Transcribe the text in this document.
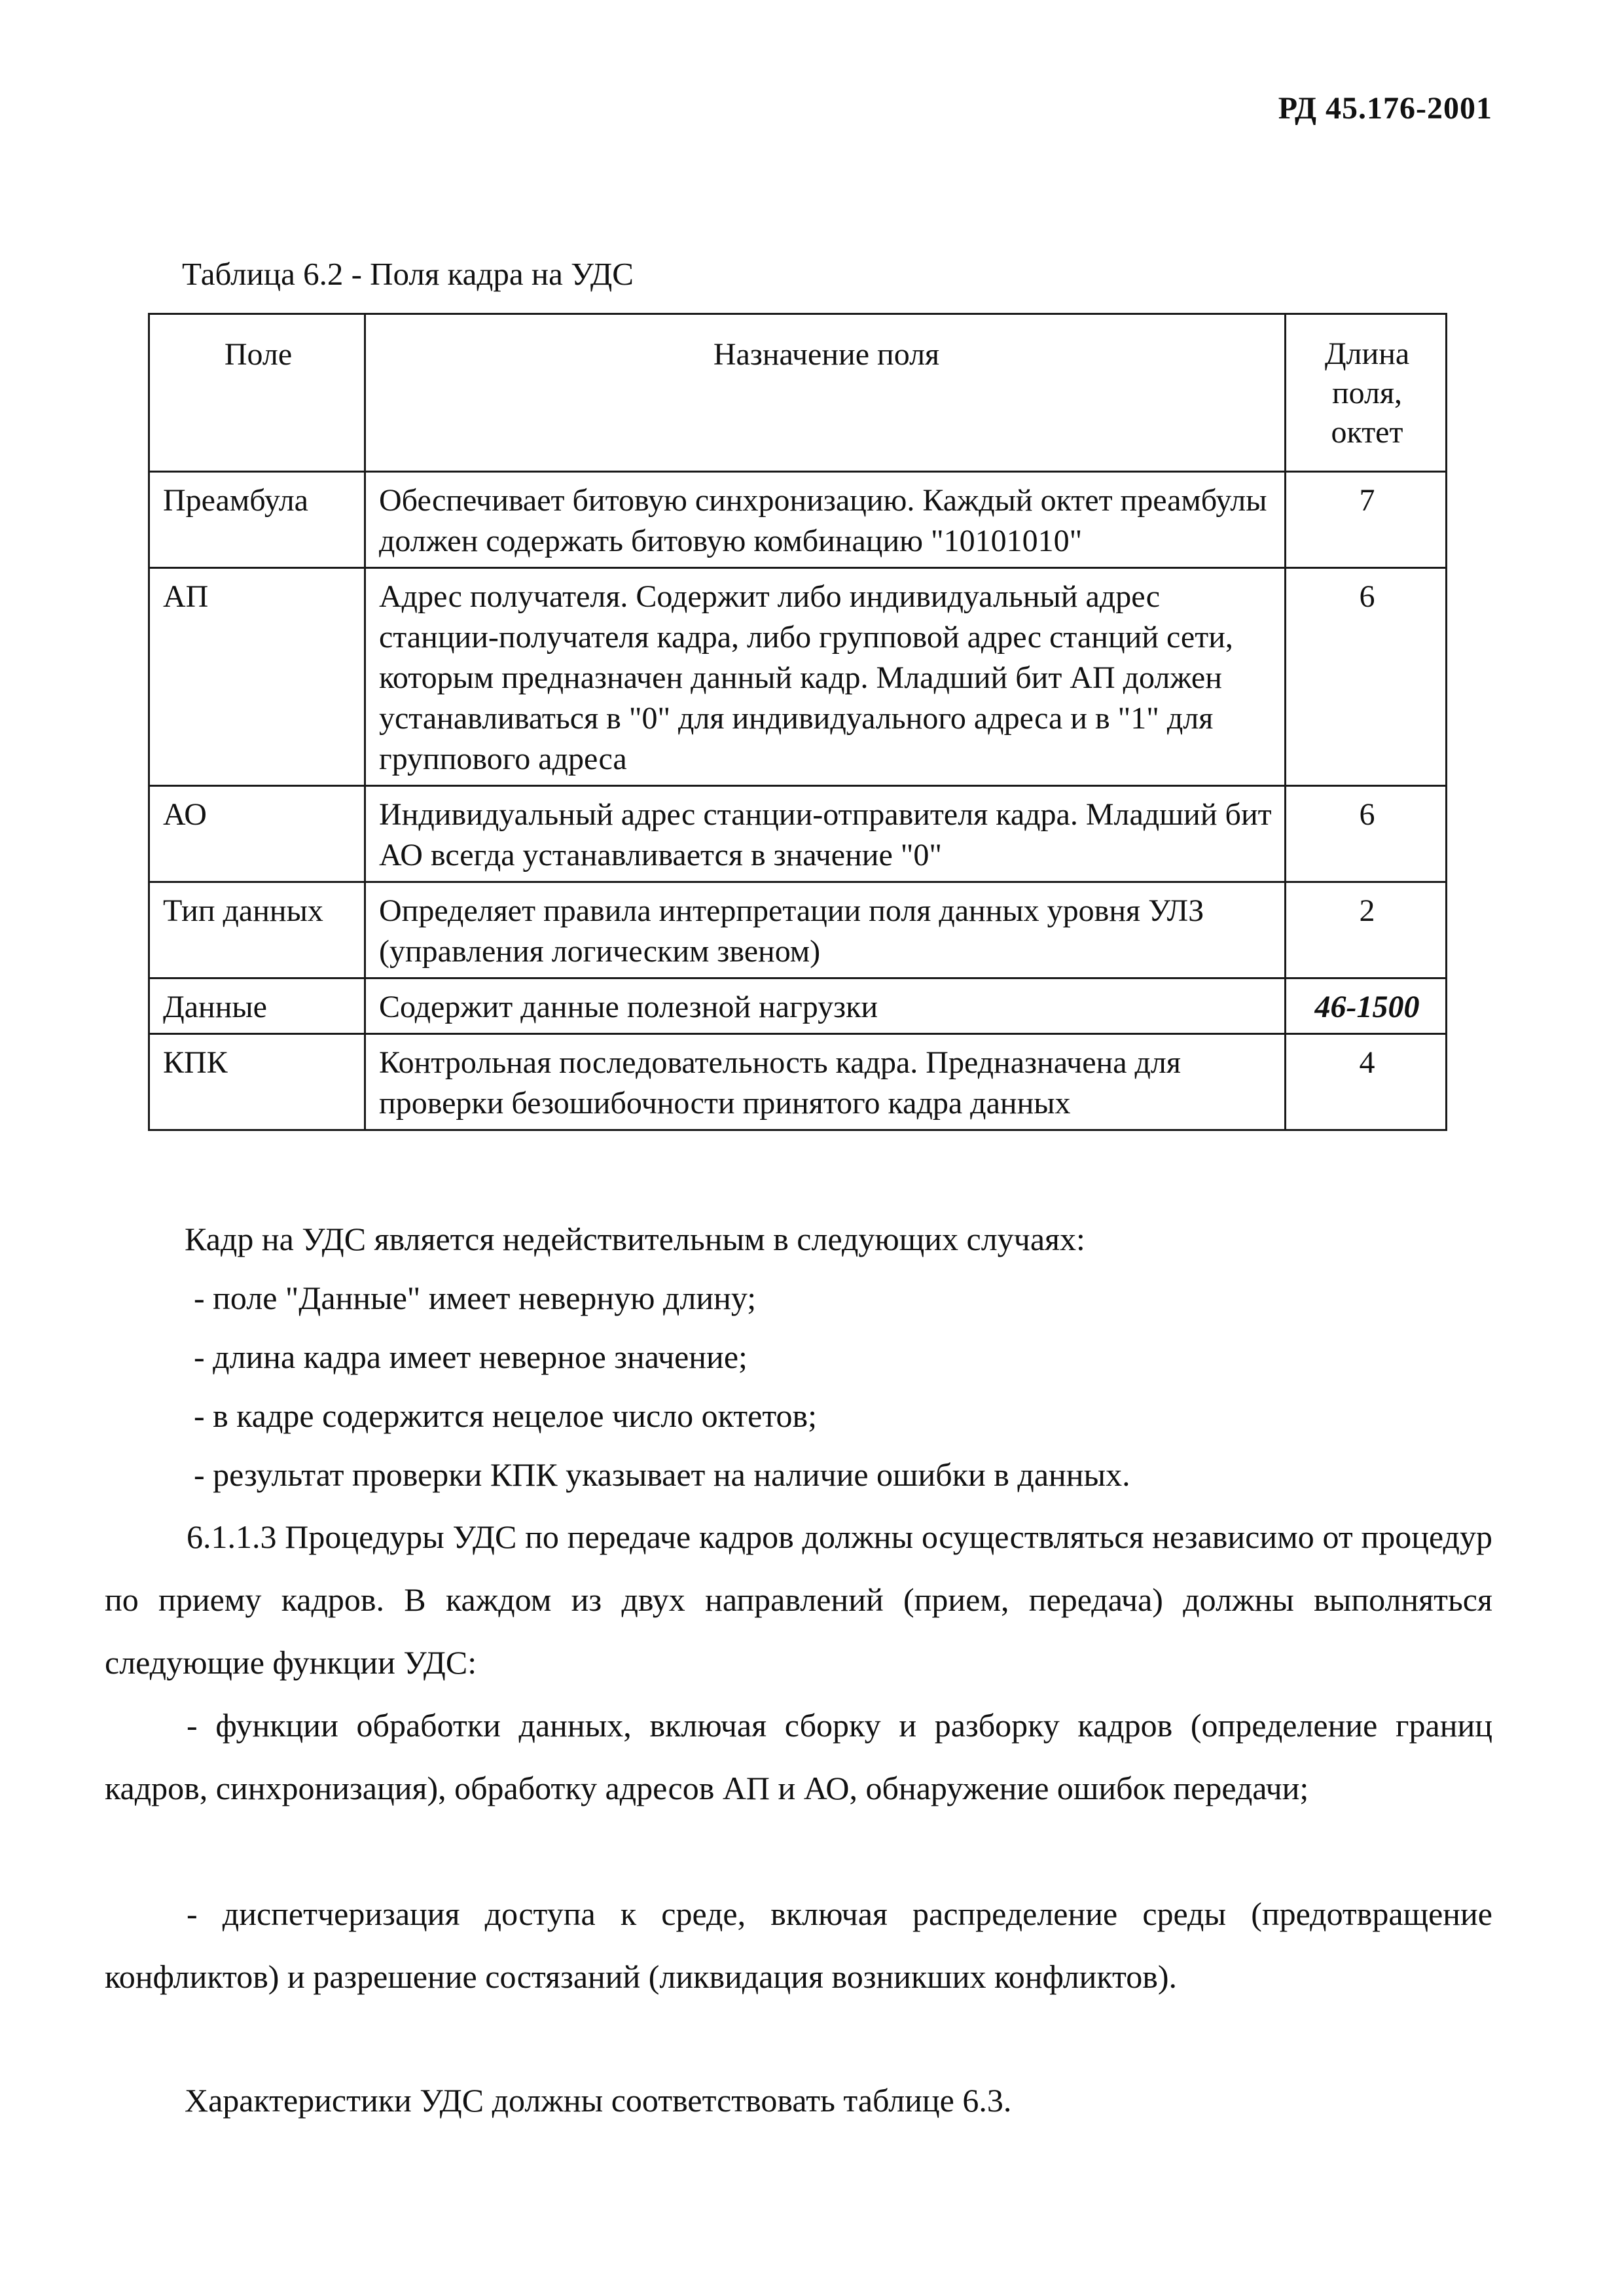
РД 45.176-2001
Таблица 6.2 - Поля кадра на УДС
Поле	Назначение поля	Длина поля, октет
Преамбула	Обеспечивает битовую синхронизацию. Каждый октет преамбулы должен содержать битовую комбинацию "10101010"	7
АП	Адрес получателя. Содержит либо индивидуальный адрес станции-получателя кадра, либо групповой адрес станций сети, которым предназначен данный кадр. Младший бит АП должен устанавливаться в "0" для индивидуального адреса и в "1" для группового адреса	6
АО	Индивидуальный адрес станции-отправителя кадра. Младший бит АО всегда устанавливается в значение "0"	6
Тип данных	Определяет правила интерпретации поля данных уровня УЛЗ (управления логическим звеном)	2
Данные	Содержит данные полезной нагрузки	46-1500
КПК	Контрольная последовательность кадра. Предназначена для проверки безошибочности принятого кадра данных	4
Кадр на УДС является недействительным в следующих случаях:
- поле "Данные" имеет неверную длину;
- длина кадра имеет неверное значение;
- в кадре содержится нецелое число октетов;
- результат проверки КПК указывает на наличие ошибки в данных.
6.1.1.3 Процедуры УДС по передаче кадров должны осуществляться независимо от процедур по приему кадров. В каждом из двух направлений (прием, передача) должны выполняться следующие функции УДС:
- функции обработки данных, включая сборку и разборку кадров (определение границ кадров, синхронизация), обработку адресов АП и АО, обнаружение ошибок передачи;
- диспетчеризация доступа к среде, включая распределение среды (предотвращение конфликтов) и разрешение состязаний (ликвидация возникших конфликтов).
Характеристики УДС должны соответствовать таблице 6.3.
